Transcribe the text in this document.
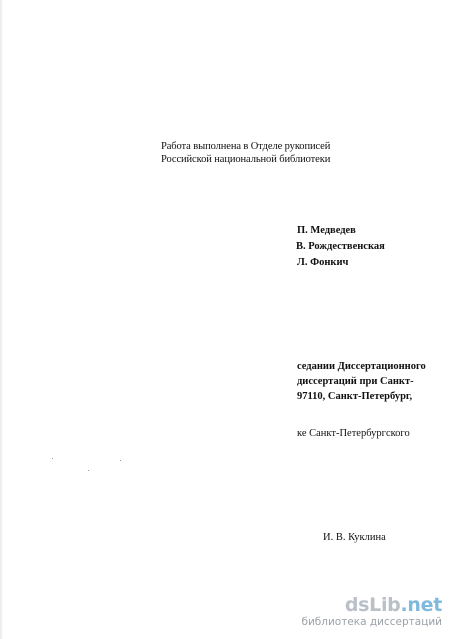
Работа выполнена в Отделе рукописей
Российской национальной библиотеки
П. Медведев
В. Рождественская
Л. Фонкич
седании Диссертационного
диссертаций при Санкт-
97110, Санкт-Петербург,
ке Санкт-Петербургского
И. В. Куклина
dsLib.net
библиотека диссертаций
